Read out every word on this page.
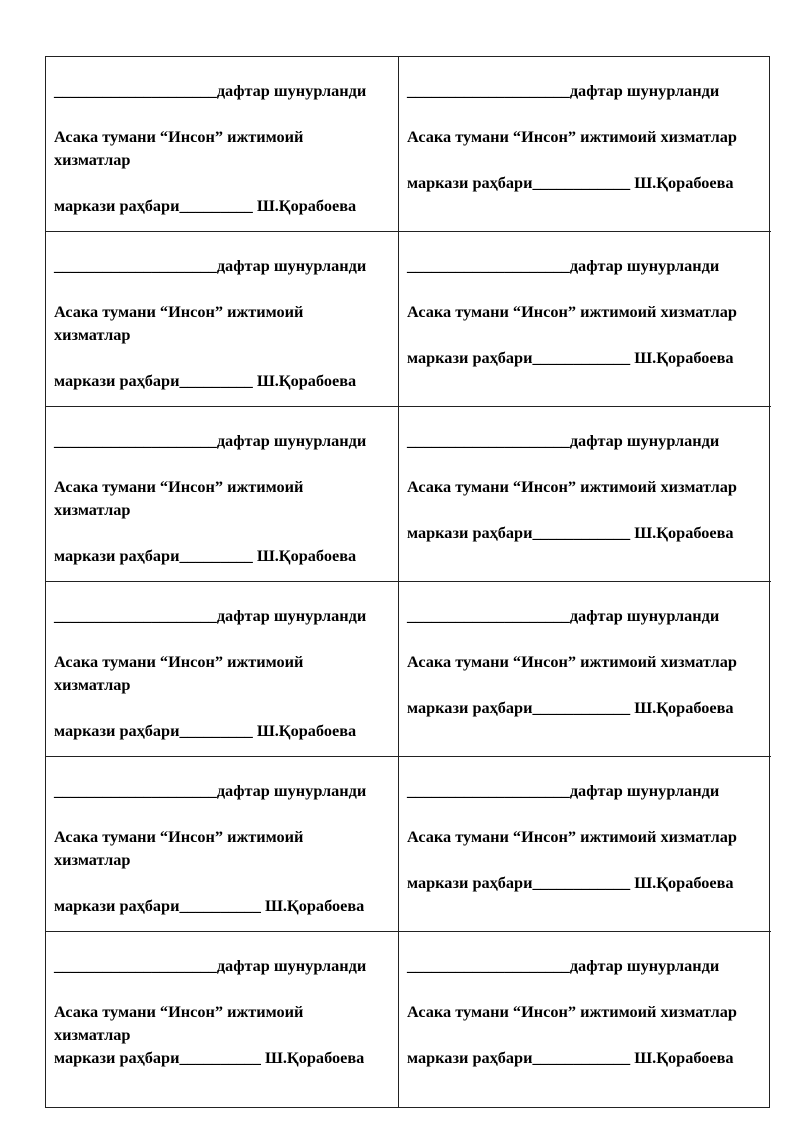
____________________дафтар шунурланди
Асака тумани “Инсон” ижтимоий
хизматлар
маркази раҳбари_________ Ш.Қорабоева
____________________дафтар шунурланди
Асака тумани “Инсон” ижтимоий хизматлар
маркази раҳбари____________ Ш.Қорабоева
____________________дафтар шунурланди
Асака тумани “Инсон” ижтимоий
хизматлар
маркази раҳбари_________ Ш.Қорабоева
____________________дафтар шунурланди
Асака тумани “Инсон” ижтимоий хизматлар
маркази раҳбари____________ Ш.Қорабоева
____________________дафтар шунурланди
Асака тумани “Инсон” ижтимоий
хизматлар
маркази раҳбари_________ Ш.Қорабоева
____________________дафтар шунурланди
Асака тумани “Инсон” ижтимоий хизматлар
маркази раҳбари____________ Ш.Қорабоева
____________________дафтар шунурланди
Асака тумани “Инсон” ижтимоий
хизматлар
маркази раҳбари_________ Ш.Қорабоева
____________________дафтар шунурланди
Асака тумани “Инсон” ижтимоий хизматлар
маркази раҳбари____________ Ш.Қорабоева
____________________дафтар шунурланди
Асака тумани “Инсон” ижтимоий
хизматлар
маркази раҳбари__________ Ш.Қорабоева
____________________дафтар шунурланди
Асака тумани “Инсон” ижтимоий хизматлар
маркази раҳбари____________ Ш.Қорабоева
____________________дафтар шунурланди
Асака тумани “Инсон” ижтимоий
хизматлар
маркази раҳбари__________ Ш.Қорабоева
____________________дафтар шунурланди
Асака тумани “Инсон” ижтимоий хизматлар
маркази раҳбари____________ Ш.Қорабоева
